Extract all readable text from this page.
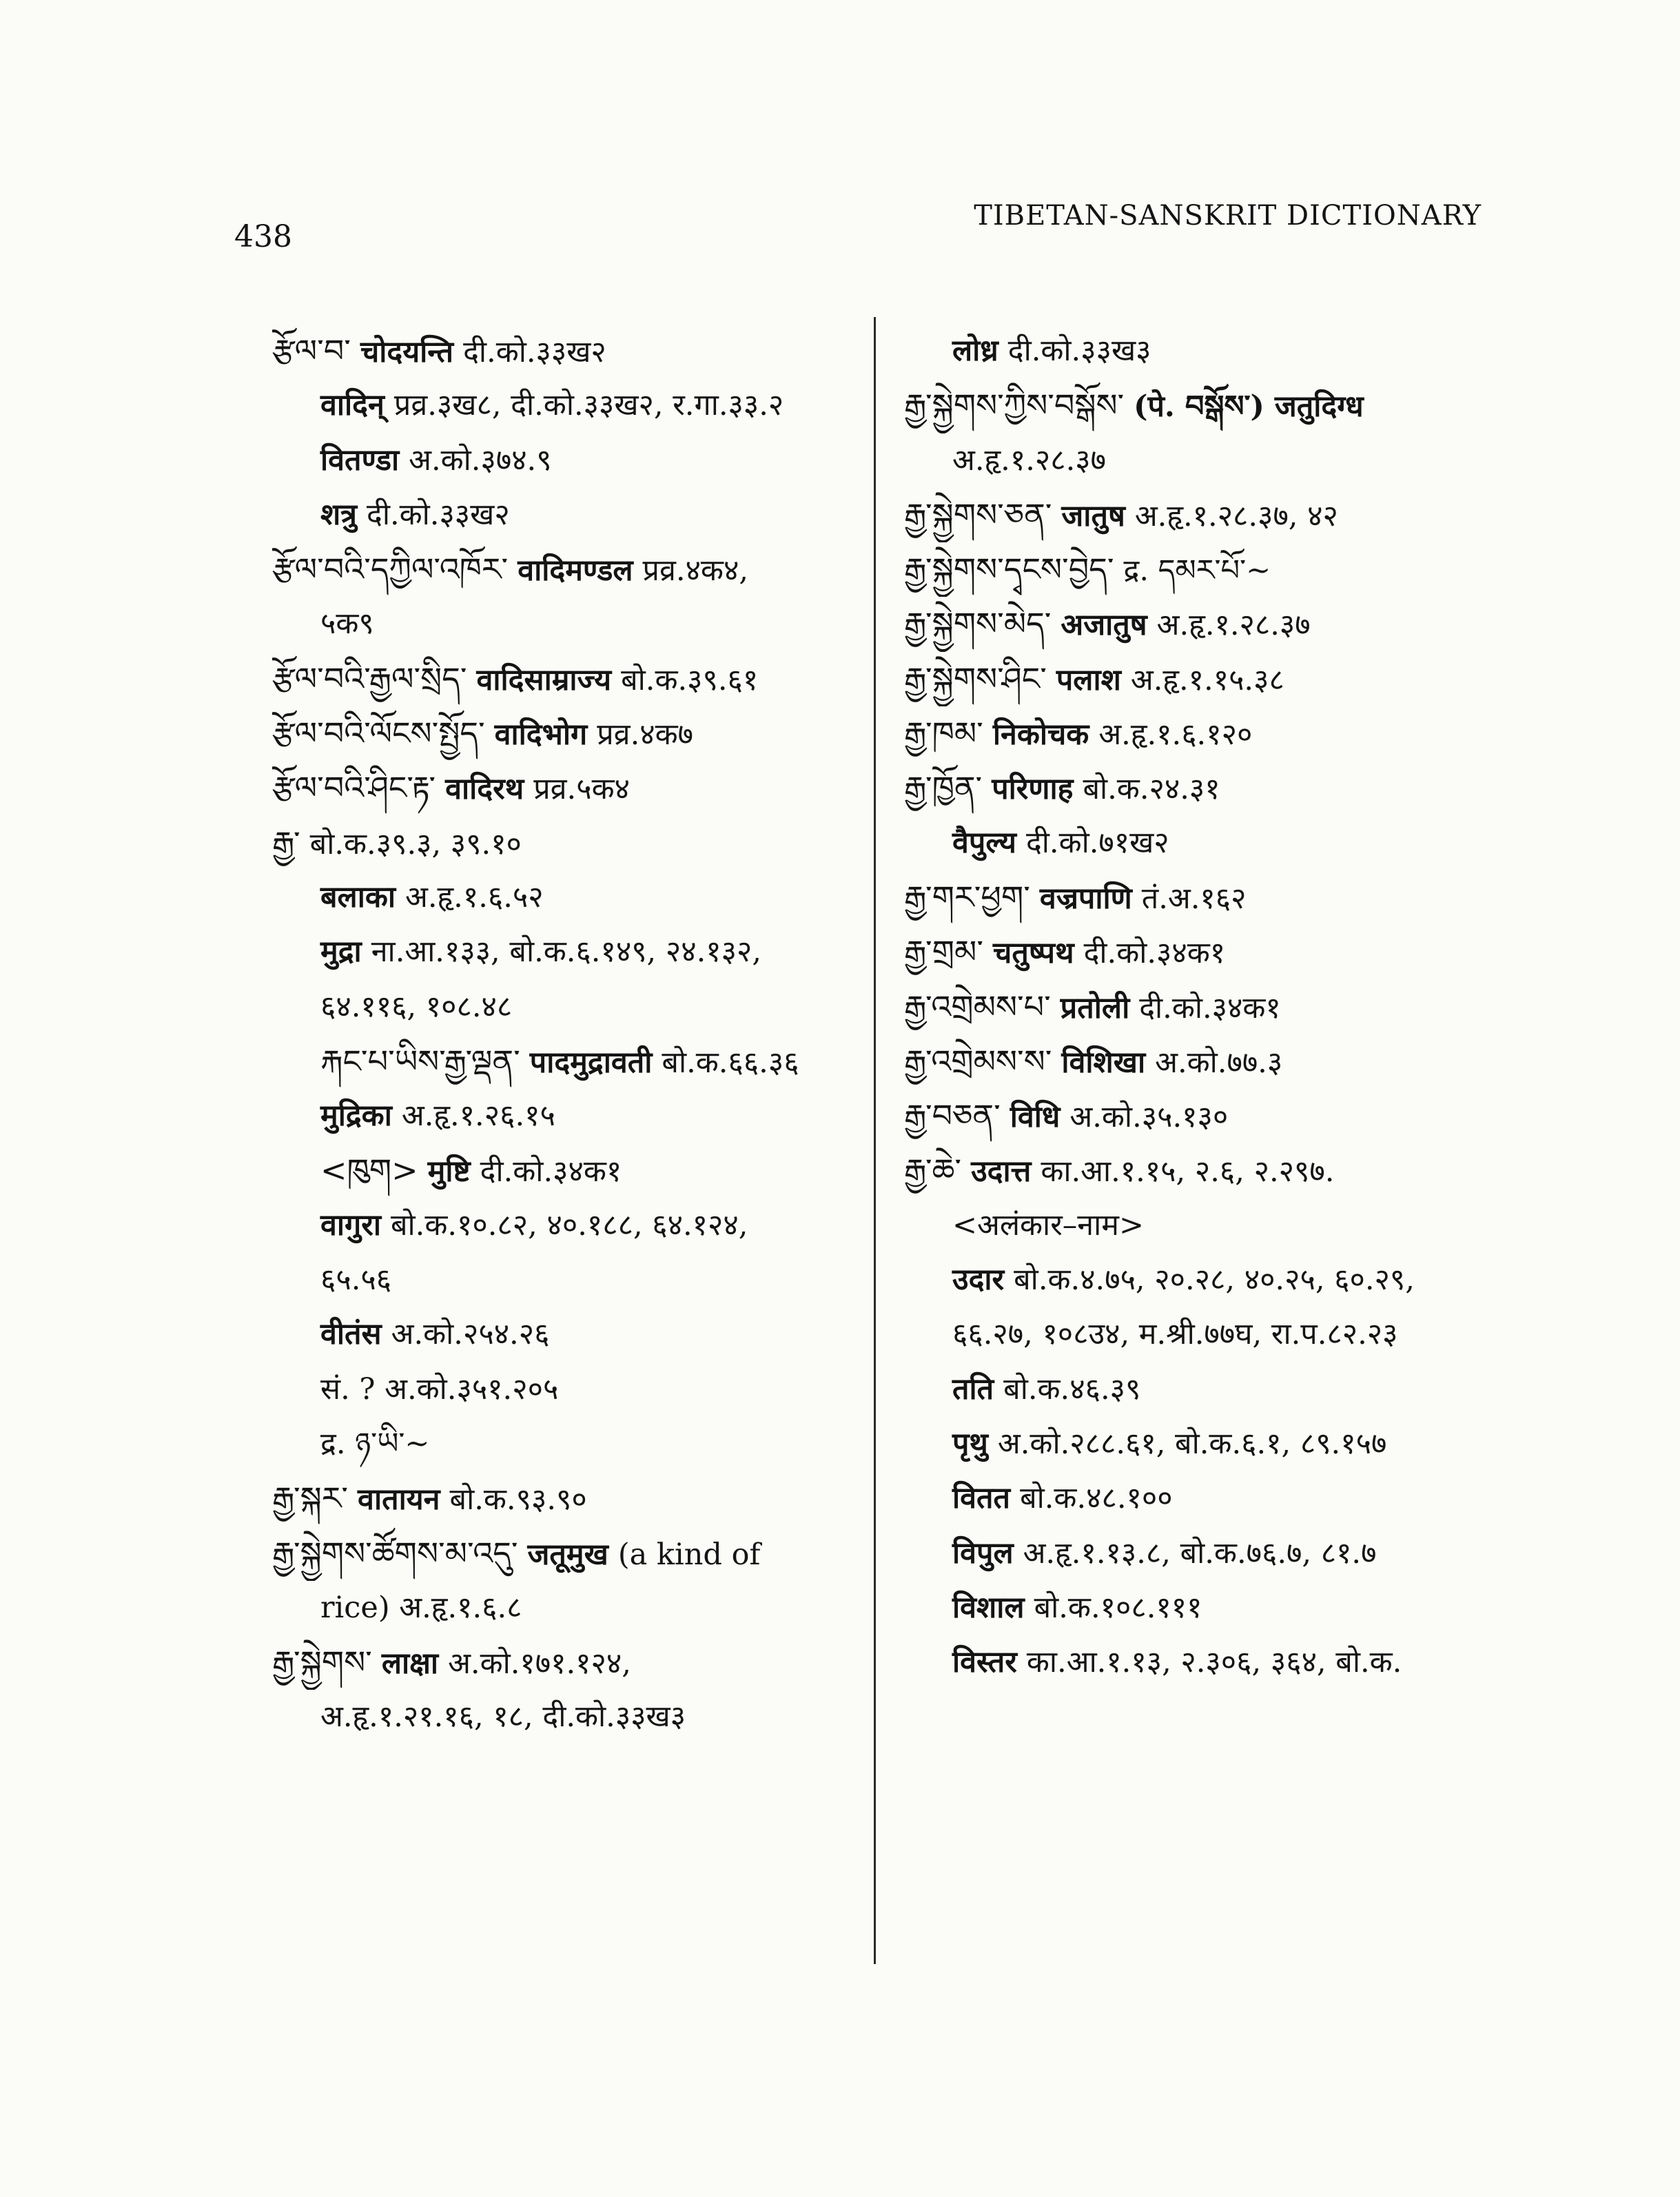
438
TIBETAN-SANSKRIT DICTIONARY
རྩོལ་བ་ चोदयन्ति दी.को.३३ख२
वादिन् प्रव्र.३ख८, दी.को.३३ख२, र.गा.३३.२
वितण्डा अ.को.३७४.९
शत्रु दी.को.३३ख२
རྩོལ་བའི་དཀྱིལ་འཁོར་ वादिमण्डल प्रव्र.४क४,
५क९
རྩོལ་བའི་རྒྱལ་སྲིད་ वादिसाम्राज्य बो.क.३९.६१
རྩོལ་བའི་ལོངས་སྤྱོད་ वादिभोग प्रव्र.४क७
རྩོལ་བའི་ཤིང་རྟ་ वादिरथ प्रव्र.५क४
རྒྱ་ बो.क.३९.३, ३९.१०
बलाका अ.हृ.१.६.५२
मुद्रा ना.आ.१३३, बो.क.६.१४९, २४.१३२,
६४.११६, १०८.४८
རྐང་པ་ཡིས་རྒྱ་ལྡན་ पादमुद्रावती बो.क.६६.३६
मुद्रिका अ.हृ.१.२६.१५
<ཁུག> मुष्टि दी.को.३४क१
वागुरा बो.क.१०.८२, ४०.१८८, ६४.१२४,
६५.५६
वीतंस अ.को.२५४.२६
सं. ? अ.को.३५१.२०५
द्र. ཉ་ཡི་~
རྒྱ་སྐར་ वातायन बो.क.९३.९०
རྒྱ་སྐྱེགས་ཚོགས་མ་འདུ་ जतूमुख (a kind of
rice) अ.हृ.१.६.८
རྒྱ་སྐྱེགས་ लाक्षा अ.को.१७१.१२४,
अ.हृ.१.२१.१६, १८, दी.को.३३ख३
लोध्र दी.को.३३ख३
རྒྱ་སྐྱེགས་ཀྱིས་བསྒོས་ (पे. བསྒོས་) जतुदिग्ध
अ.हृ.१.२८.३७
རྒྱ་སྐྱེགས་ཅན་ जातुष अ.हृ.१.२८.३७, ४२
རྒྱ་སྐྱེགས་དྭངས་བྱེད་ द्र. དམར་པོ་~
རྒྱ་སྐྱེགས་མེད་ अजातुष अ.हृ.१.२८.३७
རྒྱ་སྐྱེགས་ཤིང་ पलाश अ.हृ.१.१५.३८
རྒྱ་ཁམ་ निकोचक अ.हृ.१.६.१२०
རྒྱ་ཁྱོན་ परिणाह बो.क.२४.३१
वैपुल्य दी.को.७१ख२
རྒྱ་གར་ཕྱག་ वज्रपाणि तं.अ.१६२
རྒྱ་གྲམ་ चतुष्पथ दी.को.३४क१
རྒྱ་འགྲེམས་པ་ प्रतोली दी.को.३४क१
རྒྱ་འགྲེམས་ས་ विशिखा अ.को.७७.३
རྒྱ་བཅན་ विधि अ.को.३५.१३०
རྒྱ་ཆེ་ उदात्त का.आ.१.१५, २.६, २.२९७.
<अलंकार–नाम>
उदार बो.क.४.७५, २०.२८, ४०.२५, ६०.२९,
६६.२७, १०८उ४, म.श्री.७७घ, रा.प.८२.२३
तति बो.क.४६.३९
पृथु अ.को.२८८.६१, बो.क.६.१, ८९.१५७
वितत बो.क.४८.१००
विपुल अ.हृ.१.१३.८, बो.क.७६.७, ८१.७
विशाल बो.क.१०८.१११
विस्तर का.आ.१.१३, २.३०६, ३६४, बो.क.
